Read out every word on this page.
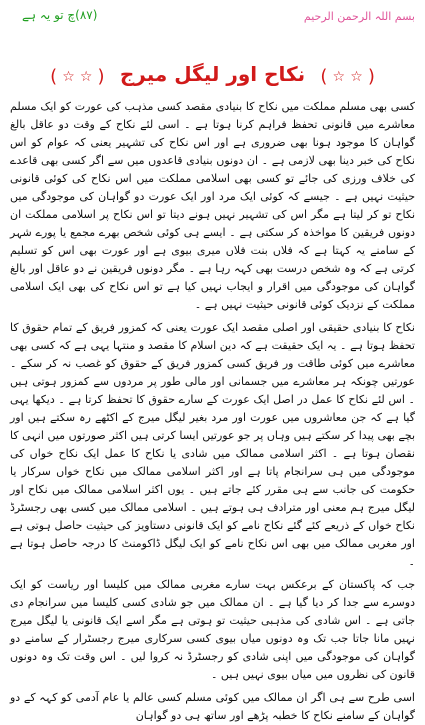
(۸۷)چ تو یہ ہے	بسم اللہ الرحمن الرحیم
( ☆ ☆ ) نکاح اور لیگل میرج ( ☆ ☆ )

کسی بھی مسلم مملکت میں نکاح کا بنیادی مقصد کسی مذہب کی عورت کو ایک مسلم معاشرے میں قانونی تحفظ فراہم کرنا ہوتا ہے ۔ اسی لئے نکاح کے وقت دو عاقل بالغ گواہان کا موجود ہونا بھی ضروری ہے اور اس نکاح کی تشہیر یعنی کہ عوام کو اس نکاح کی خبر دینا بھی لازمی ہے ۔ ان دونوں بنیادی قاعدوں میں سے اگر کسی بھی قاعدے کی خلاف ورزی کی جائے تو کسی بھی اسلامی مملکت میں اس نکاح کی کوئی قانونی حیثیت نہیں ہے ۔ جیسے کہ کوئی ایک مرد اور ایک عورت دو گواہان کی موجودگی میں نکاح تو کر لیتا ہے مگر اس کی تشہیر نہیں ہونے دیتا تو اس نکاح پر اسلامی مملکت ان دونوں فریقین کا مواخذہ کر سکتی ہے ۔ ایسے ہی کوئی شخص بھرے مجمع یا پورے شہر کے سامنے یہ کہتا ہے کہ فلاں بنت فلاں میری بیوی ہے اور عورت بھی اس کو تسلیم کرتی ہے کہ وہ شخص درست بھی کہہ رہا ہے ۔ مگر دونوں فریقین نے دو عاقل اور بالغ گواہان کی موجودگی میں اقرار و ایجاب نہیں کیا ہے تو اس نکاح کی بھی ایک اسلامی مملکت کے نزدیک کوئی قانونی حیثیت نہیں ہے ۔

نکاح کا بنیادی حقیقی اور اصلی مقصد ایک عورت یعنی کہ کمزور فریق کے تمام حقوق کا تحفظ ہوتا ہے ۔ یہ ایک حقیقت ہے کہ دین اسلام کا مقصد و منتہا یہی ہے کہ کسی بھی معاشرے میں کوئی طاقت ور فریق کسی کمزور فریق کے حقوق کو غصب نہ کر سکے ۔ عورتیں چونکہ ہر معاشرے میں جسمانی اور مالی طور پر مردوں سے کمزور ہوتی ہیں ۔ اس لئے نکاح کا عمل در اصل ایک عورت کے سارے حقوق کا تحفظ کرتا ہے ۔ دیکھا یہی گیا ہے کہ جن معاشروں میں عورت اور مرد بغیر لیگل میرج کے اکٹھے رہ سکتے ہیں اور بچے بھی پیدا کر سکتے ہیں وہاں پر جو عورتیں ایسا کرتی ہیں اکثر صورتوں میں انہی کا نقصان ہوتا ہے ۔ اکثر اسلامی ممالک میں شادی یا نکاح کا عمل ایک نکاح خواں کی موجودگی میں ہی سرانجام پاتا ہے اور اکثر اسلامی ممالک میں نکاح خواں سرکار یا حکومت کی جانب سے ہی مقرر کئے جاتے ہیں ۔ یوں اکثر اسلامی ممالک میں نکاح اور لیگل میرج ہم معنی اور مترادف ہی ہوتے ہیں ۔ اسلامی ممالک میں کسی بھی رجسٹرڈ نکاح خواں کے ذریعے کئے گئے نکاح نامے کو ایک قانونی دستاویز کی حیثیت حاصل ہوتی ہے اور مغربی ممالک میں بھی اس نکاح نامے کو ایک لیگل ڈاکومنٹ کا درجہ حاصل ہوتا ہے ۔

جب کہ پاکستان کے برعکس بہت سارے مغربی ممالک میں کلیسا اور ریاست کو ایک دوسرے سے جدا کر دیا گیا ہے ۔ ان ممالک میں جو شادی کسی کلیسا میں سرانجام دی جاتی ہے ۔ اس شادی کی مذہبی حیثیت تو ہوتی ہے مگر اسے ایک قانونی یا لیگل میرج نہیں مانا جاتا جب تک وہ دونوں میاں بیوی کسی سرکاری میرج رجسٹرار کے سامنے دو گواہان کی موجودگی میں اپنی شادی کو رجسٹرڈ نہ کروا لیں ۔ اس وقت تک وہ دونوں قانون کی نظروں میں میاں بیوی نہیں ہیں ۔

اسی طرح سے ہی اگر ان ممالک میں کوئی مسلم کسی عالم یا عام آدمی کو کہہ کے دو گواہان کے سامنے نکاح کا خطبہ پڑھے اور ساتھ ہی دو گواہان
